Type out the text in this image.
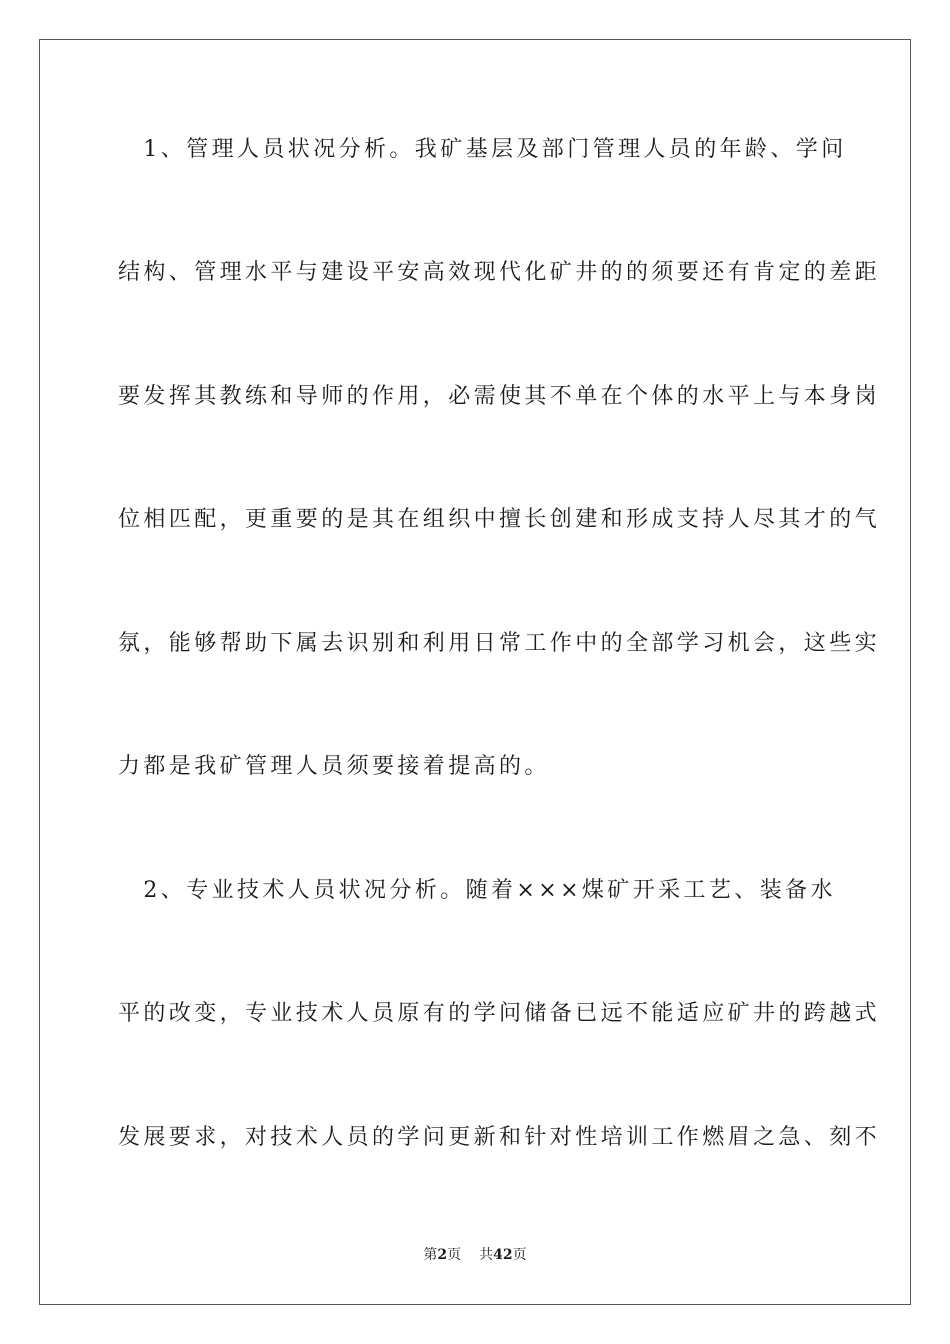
　1、管理人员状况分析。我矿基层及部门管理人员的年龄、学问
结构、管理水平与建设平安高效现代化矿井的的须要还有肯定的差距
要发挥其教练和导师的作用，必需使其不单在个体的水平上与本身岗
位相匹配，更重要的是其在组织中擅长创建和形成支持人尽其才的气
氛，能够帮助下属去识别和利用日常工作中的全部学习机会，这些实
力都是我矿管理人员须要接着提高的。
　2、专业技术人员状况分析。随着×××煤矿开采工艺、装备水
平的改变，专业技术人员原有的学问储备已远不能适应矿井的跨越式
发展要求，对技术人员的学问更新和针对性培训工作燃眉之急、刻不
第2页 共42页
